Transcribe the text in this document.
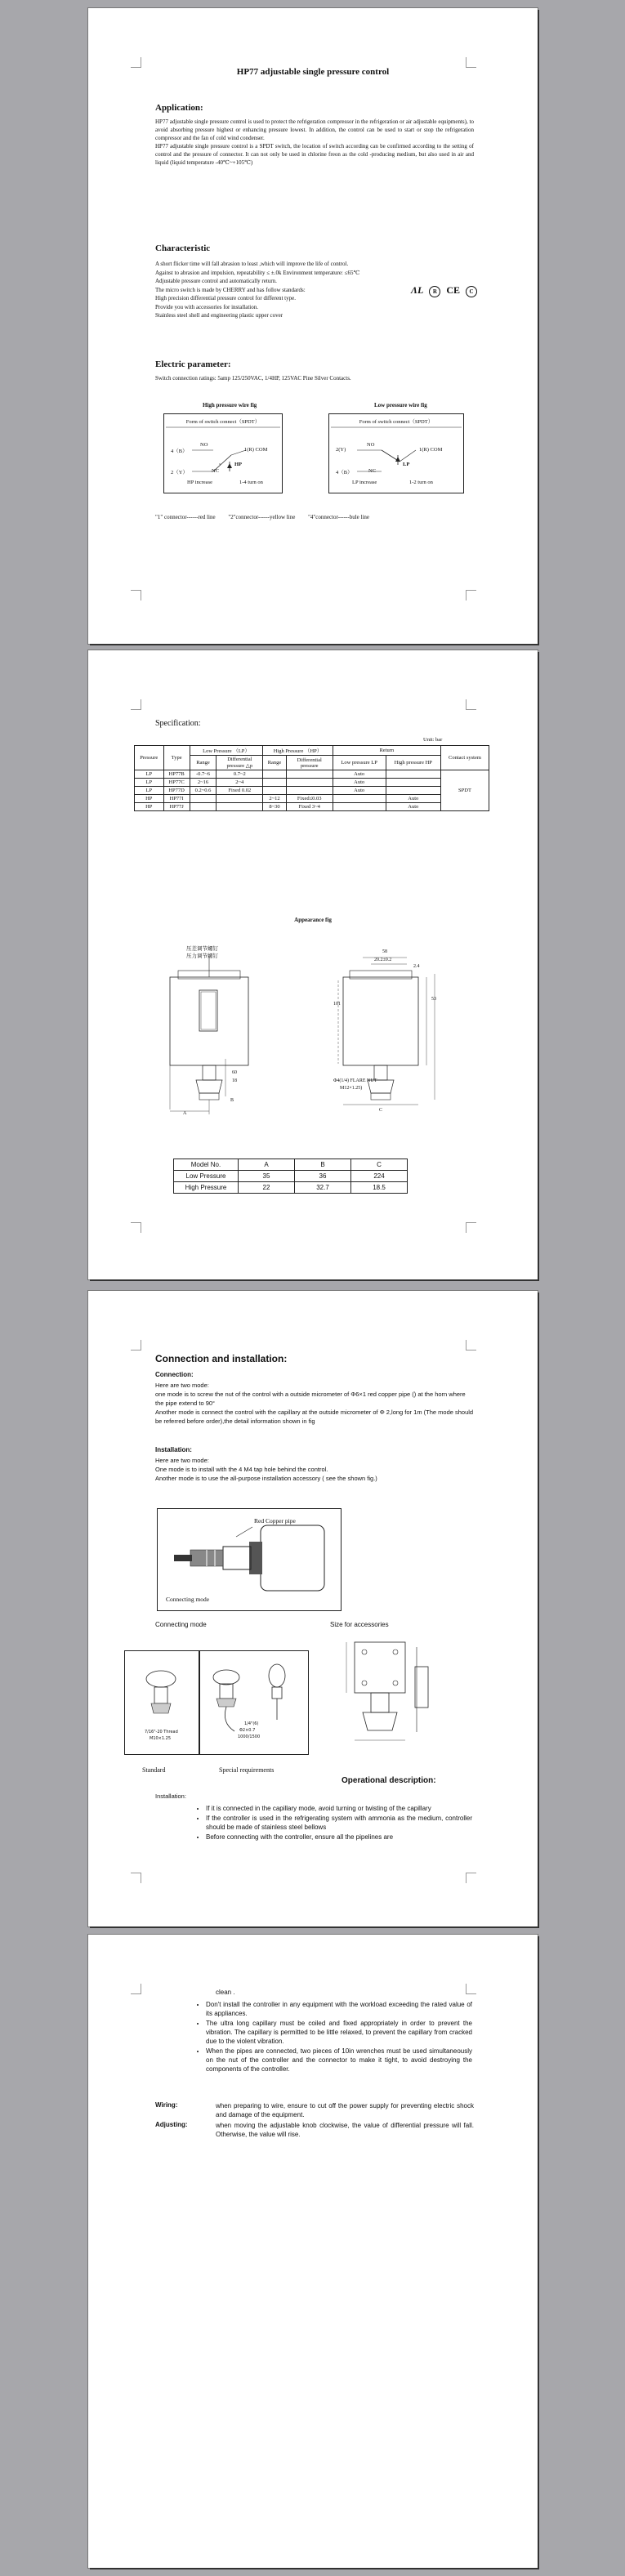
HP77 adjustable single pressure control
Application:
HP77 adjustable single pressure control is used to protect the refrigeration compressor in the refrigeration or air adjustable equipments), to avoid absorbing pressure highest or enhancing pressure lowest. In addition, the control can be used to start or stop the refrigeration compressor and the fan of cold wind condenser.
HP77 adjustable single pressure control is a SPDT switch, the location of switch according can be confirmed according to the setting of control and the pressure of connector. It can not only be used in chlorine freon as the cold -producing medium, but also used in air and liquid (liquid temperature -40℃~+105℃)
Characteristic
A short flicker time will fall abrasion to least ,which will improve the life of control.
Against to abrasion and impulsion, repeatability ≤ ±.0k Environment temperature: ≤65℃
Adjustable pressure control and automatically return.
The micro switch is made by CHERRY and has follow standards:
High precision differential pressure control for different type.
Provide you with accessories for installation.
Stainless steel shell and engineering plastic upper cover
ɅL R CE C
Electric parameter:
Switch connection ratings: 5amp 125/250VAC, 1/4HP, 125VAC Pine Silver Contacts.
High pressure wire fig	Low pressure wire fig
Form of switch connect（SPDT）
4（B）
NO
1(R) COM
2（Y）	NC
HP
HP increase	1-4 turn on
Form of switch connect（SPDT）
2(Y)
NO
1(R) COM
4（B）	NC
LP
LP increase	1-2 turn on
"1" connector------red line "2"connector------yellow line "4"connector------bule line
Specification:
Unit: bar
Pressure	Type	Low Pressure （LP）		High Pressure （HP）		Return		Contact system
		Range	Differential pressure △p	Range	Differential pressure	Low pressure LP	High pressure HP	
LP	HP77B	-0.7~6	0.7~2			Auto		SPDT
LP	HP77C	2~16	2~4			Auto		
LP	HP77D	0.2~0.6	Fixed 0.02			Auto		
HP	HP77I			2~12	Fixed≤0.03		Auto	
HP	HP77J			8~30	Fixed 3~4		Auto	
Appearance fig
压差调节螺钉
压力调节螺钉
58
20.2±0.2
2.4
Φ4(1/4) FLARE NUT
M12×1.25)
53
60
101
18
A
B
C
Model No.	A	B	C
Low Pressure	35	36	224
High Pressure	22	32.7	18.5
Connection and installation:
Connection:
Here are two mode:
one mode is to screw the nut of the control with a outside micrometer of Φ6×1 red copper pipe () at the horn where the pipe extend to 90°
Another mode is connect the control with the capillary at the outside micrometer of Φ 2,long for 1m (The mode should be referred before order),the detail information shown in fig
Installation:
Here are two mode:
One mode is to install with the 4 M4 tap hole behind the control.
Another mode is to use the all-purpose installation accessory ( see the shown fig.)
Red Copper pipe
Connecting mode
Connecting mode	Size for accessories
7/16"-20 Thread
M10×1.25
1/4"(6)
Φ2×0.7
1000/1500
Standard	Special requirements
Operational description:
Installation:
• If it is connected in the capillary mode, avoid turning or twisting of the capillary
• If the controller is used in the refrigerating system with ammonia as the medium, controller should be made of stainless steel bellows
• Before connecting with the controller, ensure all the pipelines are
clean .
• Don't install the controller in any equipment with the workload exceeding the rated value of its appliances.
• The ultra long capillary must be coiled and fixed appropriately in order to prevent the vibration. The capillary is permitted to be little relaxed, to prevent the capillary from cracked due to the violent vibration.
• When the pipes are connected, two pieces of 10in wrenches must be used simultaneously on the nut of the controller and the connector to make it tight, to avoid destroying the components of the controller.
Wiring:	when preparing to wire, ensure to cut off the power supply for preventing electric shock and damage of the equipment.
Adjusting:	when moving the adjustable knob clockwise, the value of differential pressure will fall. Otherwise, the value will rise.
